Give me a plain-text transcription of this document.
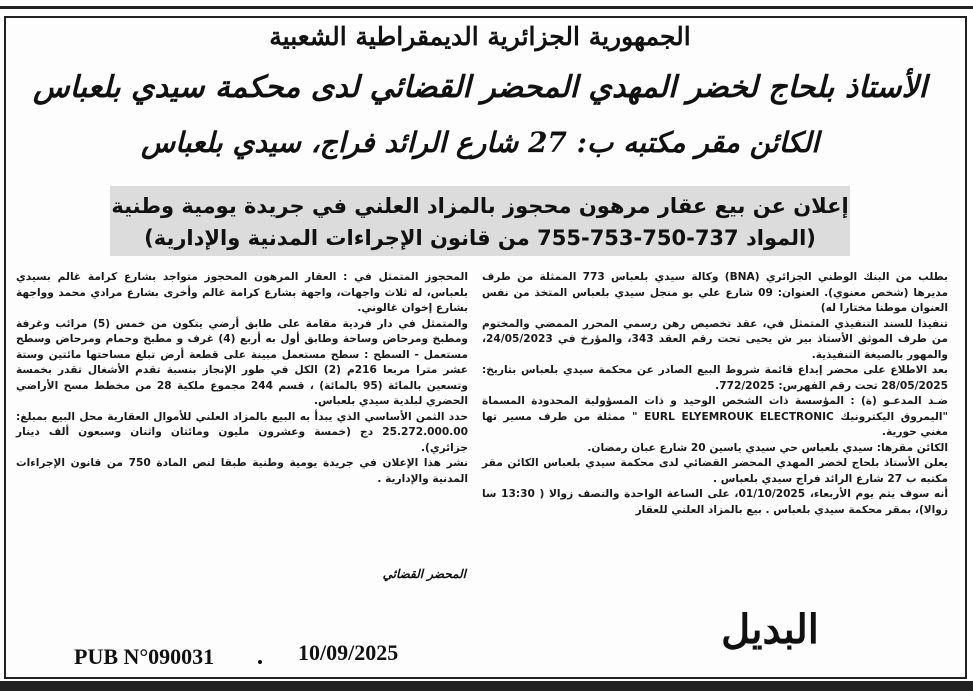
الجمهورية الجزائرية الديمقراطية الشعبية
الأستاذ بلحاج لخضر المهدي المحضر القضائي لدى محكمة سيدي بلعباس
الكائن مقر مكتبه ب: 27 شارع الرائد فراج، سيدي بلعباس
إعلان عن بيع عقار مرهون محجوز بالمزاد العلني في جريدة يومية وطنية
(المواد 737-750-753-755 من قانون الإجراءات المدنية والإدارية)

بطلب من البنك الوطني الجزائري (BNA) وكالة سيدي بلعباس 773 الممثلة من طرف مديرها (شخص معنوي). العنوان: 09 شارع علي بو منجل سيدي بلعباس المتخذ من نفس العنوان موطنا مختارا له)

تنفيذا للسند التنفيذي المتمثل في، عقد تخصيص رهن رسمي المحرر الممضي والمختوم من طرف الموثق الأستاذ بير ش يحيى تحت رقم العقد 343، والمؤرخ في 24/05/2023، والمهور بالصيغة التنفيذية.

بعد الاطلاع على محضر إيداع قائمة شروط البيع الصادر عن محكمة سيدي بلعباس بتاريخ: 28/05/2025 تحت رقم الفهرس: 772/2025.

ضـد المدعـو (ة) : المؤسسة ذات الشخص الوحيد و ذات المسؤولية المحدودة المسماة "اليمروق اليكترونيك EURL ELYEMROUK ELECTRONIC " ممثلة من طرف مسير تها مغني حورية.

الكائن مقرها: سيدي بلعباس حي سيدي ياسين 20 شارع عبان رمضان.

يعلن الأستاذ بلحاج لخضر المهدي المحضر القضائي لدى محكمة سيدي بلعباس الكائن مقر مكتبه ب 27 شارع الرائد فراج سيدي بلعباس .

أنه سوف يتم يوم الأربعاء، 01/10/2025، على الساعة الواحدة والنصف زوالا ( 13:30 سا زوالا)، بمقر محكمة سيدي بلعباس . بيع بالمزاد العلني للعقار

المحجوز المتمثل في : العقار المرهون المحجوز متواجد بشارع كرامة غالم بسيدي بلعباس، له ثلاث واجهات، واجهة بشارع كرامة غالم وأخرى بشارع مرادي محمد وواجهة بشارع إخوان غالوني.

والمتمثل في دار فردية مقامة على طابق أرضي يتكون من خمس (5) مرائب وغرفة ومطبخ ومرحاض وساحة وطابق أول به أربع (4) غرف و مطبخ وحمام ومرحاض وسطح مستعمل - السطح : سطح مستعمل مبينة على قطعة أرض تبلغ مساحتها مائتين وستة عشر مترا مربعا 216م (2) الكل في طور الإنجاز بنسبة تقدم الأشغال تقدر بخمسة وتسعين بالمائة (95 بالمائة) ، قسم 244 مجموع ملكية 28 من مخطط مسح الأراضي الحضري لبلدية سيدي بلعباس.

حدد الثمن الأساسي الذي يبدأ به البيع بالمزاد العلني للأموال العقارية محل البيع بمبلغ: 25.272.000.00 دج (خمسة وعشرون مليون ومائتان واثنان وسبعون ألف دينار جزائري).

نشر هذا الإعلان في جريدة يومية وطنية طبقا لنص المادة 750 من قانون الإجراءات المدنية والإدارية .

المحضر القضائي
البديل
PUB N°090031	10/09/2025
